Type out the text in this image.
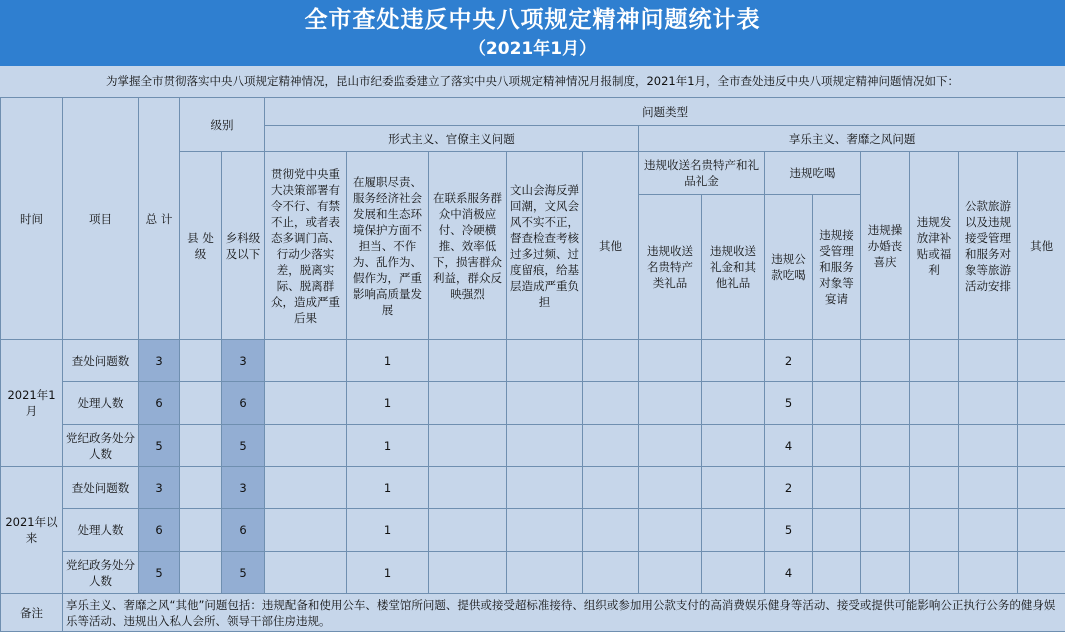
全市查处违反中央八项规定精神问题统计表
（2021年1月）
为掌握全市贯彻落实中央八项规定精神情况，昆山市纪委监委建立了落实中央八项规定精神情况月报制度，2021年1月，全市查处违反中央八项规定精神问题情况如下：
时间	项目	总 计	级别		问题类型												
					形式主义、官僚主义问题					享乐主义、奢靡之风问题							
			县 处 级	乡科级及以下	贯彻党中央重大决策部署有令不行、有禁不止，或者表态多调门高、行动少落实差，脱离实际、脱离群众，造成严重后果	在履职尽责、服务经济社会发展和生态环境保护方面不担当、不作为、乱作为、假作为，严重影响高质量发展	在联系服务群众中消极应付、冷硬横推、效率低下，损害群众利益，群众反映强烈	文山会海反弹回潮，文风会风不实不正，督查检查考核过多过频、过度留痕，给基层造成严重负担	其他	违规收送名贵特产和礼品礼金		违规吃喝		违规操办婚丧喜庆	违规发放津补贴或福利	公款旅游以及违规接受管理和服务对象等旅游活动安排	其他
										违规收送名贵特产类礼品	违规收送礼金和其他礼品	违规公款吃喝	违规接受管理和服务对象等宴请				

2021年1月	查处问题数	3		3		1						2					
	处理人数	6		6		1						5					
	党纪政务处分人数	5		5		1						4					
2021年以来	查处问题数	3		3		1						2					
	处理人数	6		6		1						5					
	党纪政务处分人数	5		5		1						4					
备注	享乐主义、奢靡之风“其他”问题包括：违规配备和使用公车、楼堂馆所问题、提供或接受超标准接待、组织或参加用公款支付的高消费娱乐健身等活动、接受或提供可能影响公正执行公务的健身娱乐等活动、违规出入私人会所、领导干部住房违规。																
